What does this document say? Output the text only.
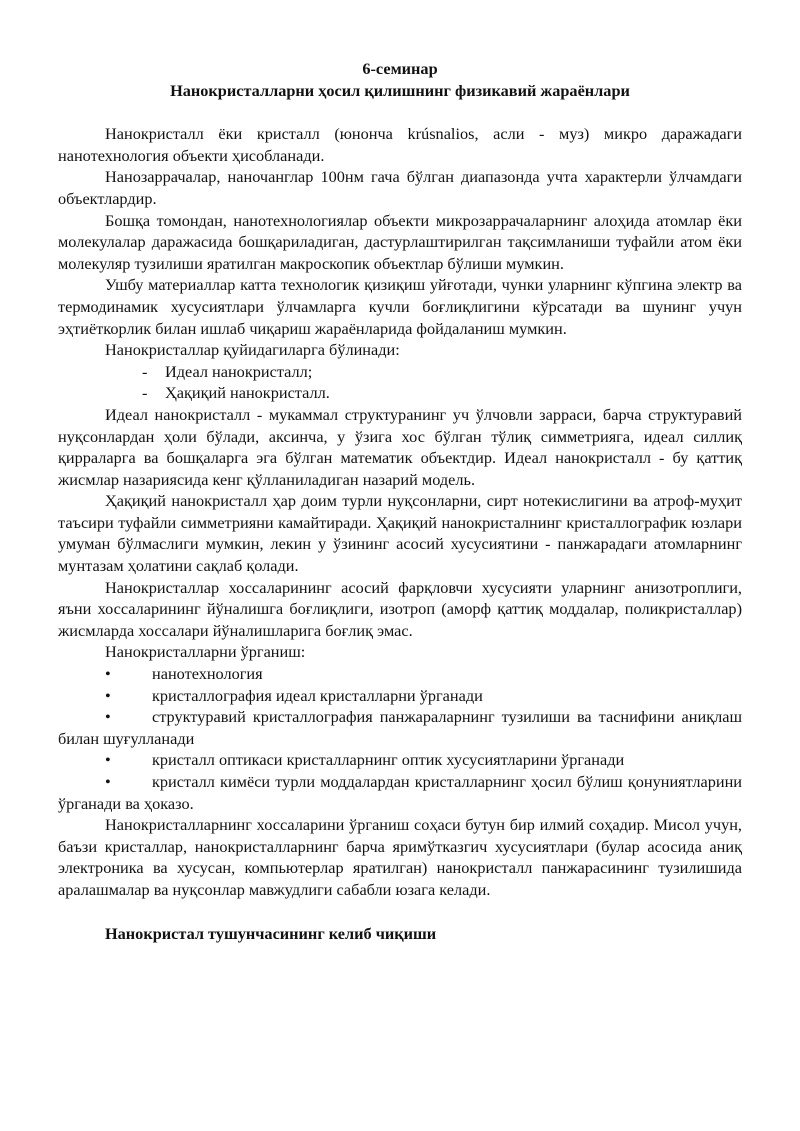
6-семинар

Нанокристалларни ҳосил қилишнинг физикавий жараёнлари

Нанокристалл ёки кристалл (юнонча krúsnalios, асли - муз) микро даражадаги нанотехнология объекти ҳисобланади.

Нанозаррачалар, наночанглар 100нм гача бўлган диапазонда учта характерли ўлчамдаги объектлардир.

Бошқа томондан, нанотехнологиялар объекти микрозаррачаларнинг алоҳида атомлар ёки молекулалар даражасида бошқариладиган, дастурлаштирилган тақсимланиши туфайли атом ёки молекуляр тузилиши яратилган макроскопик объектлар бўлиши мумкин.

Ушбу материаллар катта технологик қизиқиш уйғотади, чунки уларнинг кўпгина электр ва термодинамик хусусиятлари ўлчамларга кучли боғлиқлигини кўрсатади ва шунинг учун эҳтиёткорлик билан ишлаб чиқариш жараёнларида фойдаланиш мумкин.

Нанокристаллар қуйидагиларга бўлинади:

- Идеал нанокристалл;
- Ҳақиқий нанокристалл.

Идеал нанокристалл - мукаммал структуранинг уч ўлчовли зарраси, барча структуравий нуқсонлардан ҳоли бўлади, аксинча, у ўзига хос бўлган тўлиқ симметрияга, идеал силлиқ қирраларга ва бошқаларга эга бўлган математик объектдир. Идеал нанокристалл - бу қаттиқ жисмлар назариясида кенг қўлланиладиган назарий модель.

Ҳақиқий нанокристалл ҳар доим турли нуқсонларни, сирт нотекислигини ва атроф-муҳит таъсири туфайли симметрияни камайтиради. Ҳақиқий нанокристалнинг кристаллографик юзлари умуман бўлмаслиги мумкин, лекин у ўзининг асосий хусусиятини - панжарадаги атомларнинг мунтазам ҳолатини сақлаб қолади.

Нанокристаллар хоссаларининг асосий фарқловчи хусусияти уларнинг анизотроплиги, яъни хоссаларининг йўналишга боғлиқлиги, изотроп (аморф қаттиқ моддалар, поликристаллар) жисмларда хоссалари йўналишларига боғлиқ эмас.

Нанокристалларни ўрганиш:

•	нанотехнология

•	кристаллография идеал кристалларни ўрганади

•	структуравий кристаллография панжараларнинг тузилиши ва таснифини аниқлаш билан шуғулланади

•	кристалл оптикаси кристалларнинг оптик хусусиятларини ўрганади

•	кристалл кимёси турли моддалардан кристалларнинг ҳосил бўлиш қонуниятларини ўрганади ва ҳоказо.

Нанокристалларнинг хоссаларини ўрганиш соҳаси бутун бир илмий соҳадир. Мисол учун, баъзи кристаллар, нанокристалларнинг барча яримўтказгич хусусиятлари (булар асосида аниқ электроника ва хусусан, компьютерлар яратилган) нанокристалл панжарасининг тузилишида аралашмалар ва нуқсонлар мавжудлиги сабабли юзага келади.

Нанокристал тушунчасининг келиб чиқиши
